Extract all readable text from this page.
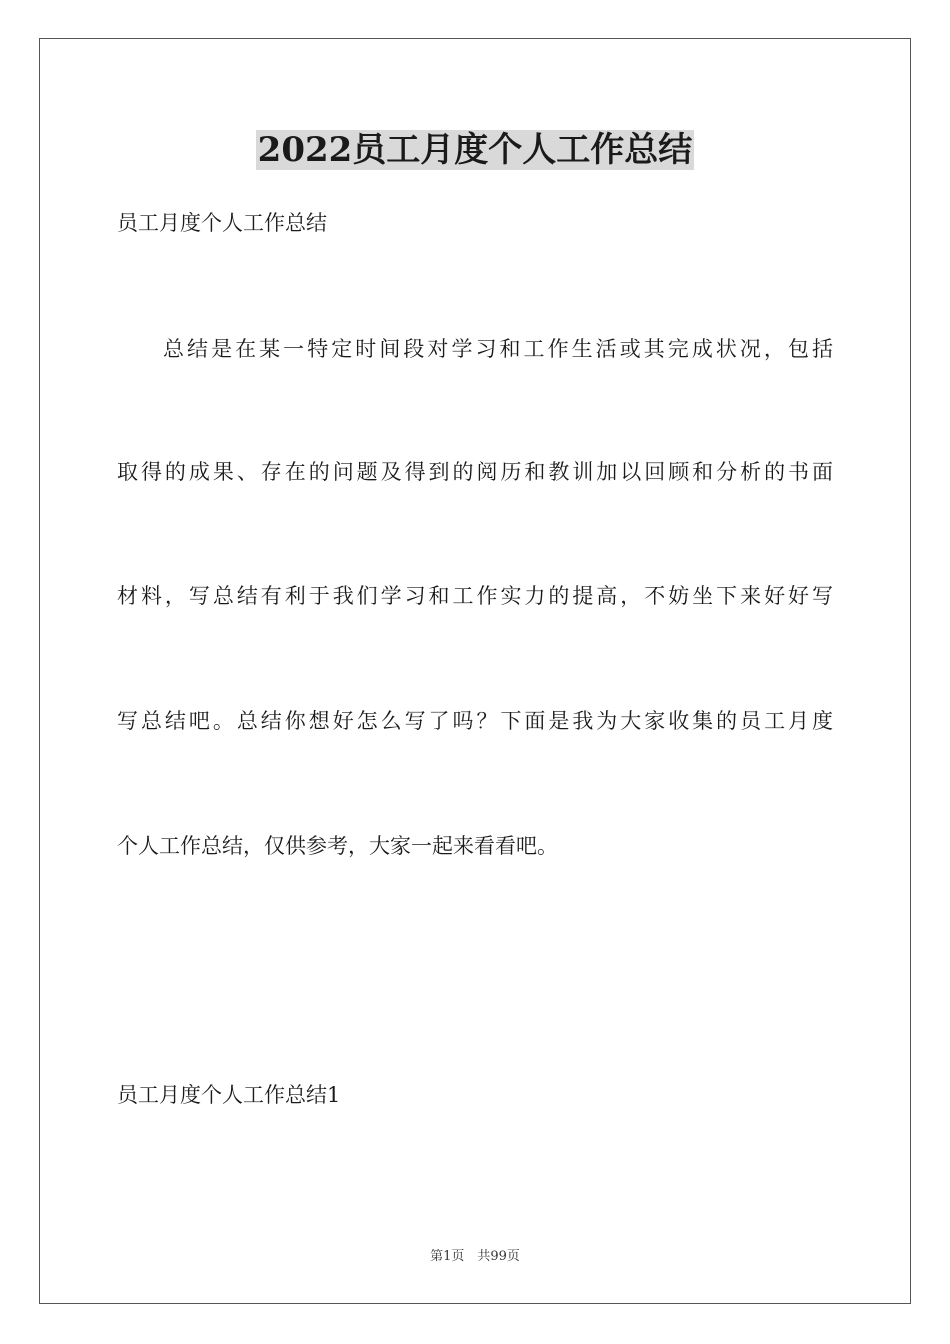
2022员工月度个人工作总结
员工月度个人工作总结
总结是在某一特定时间段对学习和工作生活或其完成状况，包括
取得的成果、存在的问题及得到的阅历和教训加以回顾和分析的书面
材料，写总结有利于我们学习和工作实力的提高，不妨坐下来好好写
写总结吧。总结你想好怎么写了吗？下面是我为大家收集的员工月度
个人工作总结，仅供参考，大家一起来看看吧。
员工月度个人工作总结1
第1页　共99页
